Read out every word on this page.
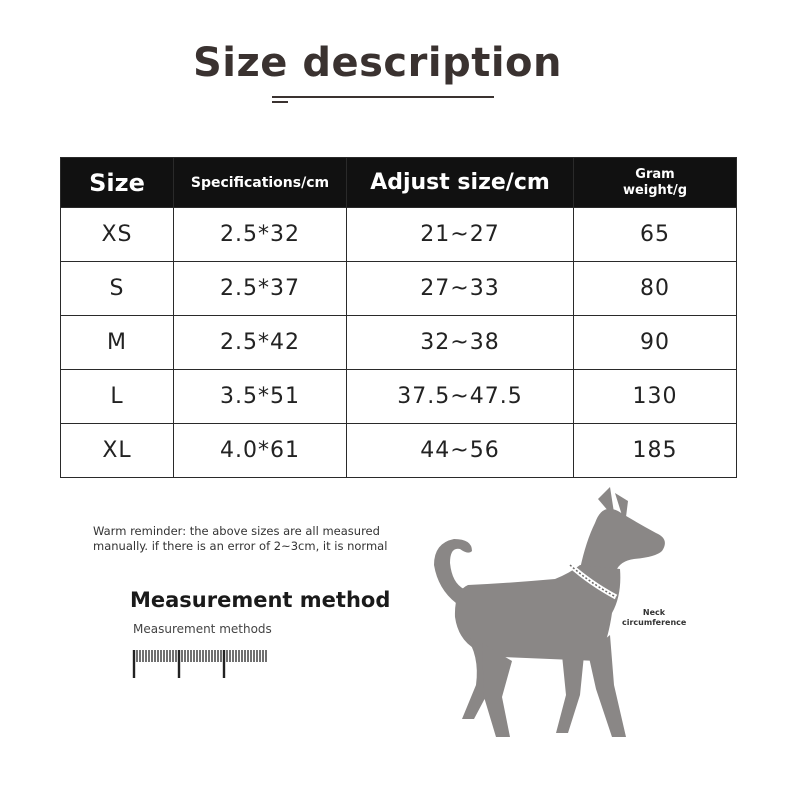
Size description
Size	Specifications/cm	Adjust size/cm	Gram
weight/g

XS	2.5*32	21~27	65
S	2.5*37	27~33	80
M	2.5*42	32~38	90
L	3.5*51	37.5~47.5	130
XL	4.0*61	44~56	185
Warm reminder: the above sizes are all measured
manually. if there is an error of 2~3cm, it is normal
Measurement method
Measurement methods
Neck
circumference
